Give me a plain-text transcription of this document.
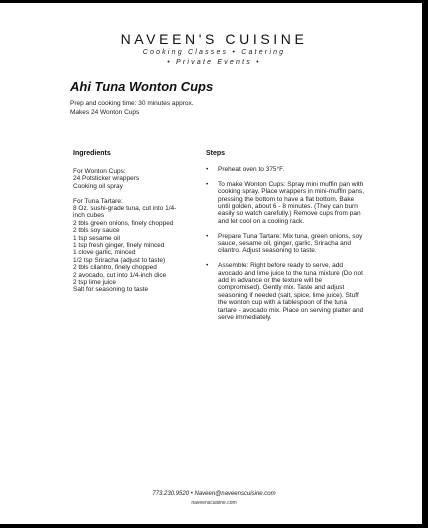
NAVEEN'S CUISINE
Cooking Classes • Catering
• Private Events •
Ahi Tuna Wonton Cups
Prep and cooking time: 30 minutes approx.
Makes 24 Wonton Cups
Ingredients	Steps
For Wonton Cups:
24 Potsticker wrappers
Cooking oil spray
For Tuna Tartare:
8 Oz. sushi-grade tuna, cut into 1/4-
inch cubes
2 tbls green onions, finely chopped
2 tbls soy sauce
1 tsp sesame oil
1 tsp fresh ginger, finely minced
1 clove garlic, minced
1/2 tsp Sriracha (adjust to taste)
2 tbls cilantro, finely chopped
2 avocado, cut into 1/4-inch dice
2 tsp lime juice
Salt for seasoning to taste
• Preheat oven to 375°F.
• To make Wonton Cups: Spray mini muffin pan with cooking spray. Place wrappers in mini-muffin pans, pressing the bottom to have a flat bottom. Bake until golden, about 6 - 8 minutes. (They can burn easily so watch carefully.) Remove cups from pan and let cool on a cooling rack.
• Prepare Tuna Tartare: Mix tuna, green onions, soy sauce, sesame oil, ginger, garlic, Sriracha and cilantro. Adjust seasoning to taste.
• Assemble: Right before ready to serve, add avocado and lime juice to the tuna mixture (Do not add in advance or the texture will be compromised). Gently mix. Taste and adjust seasoning if needed (salt, spice, lime juice). Stuff the wonton cup with a tablespoon of the tuna tartare - avocado mix. Place on serving platter and serve immediately.
773.230.9520 • Naveen@naveenscuisine.com
naveenscuisine.com
